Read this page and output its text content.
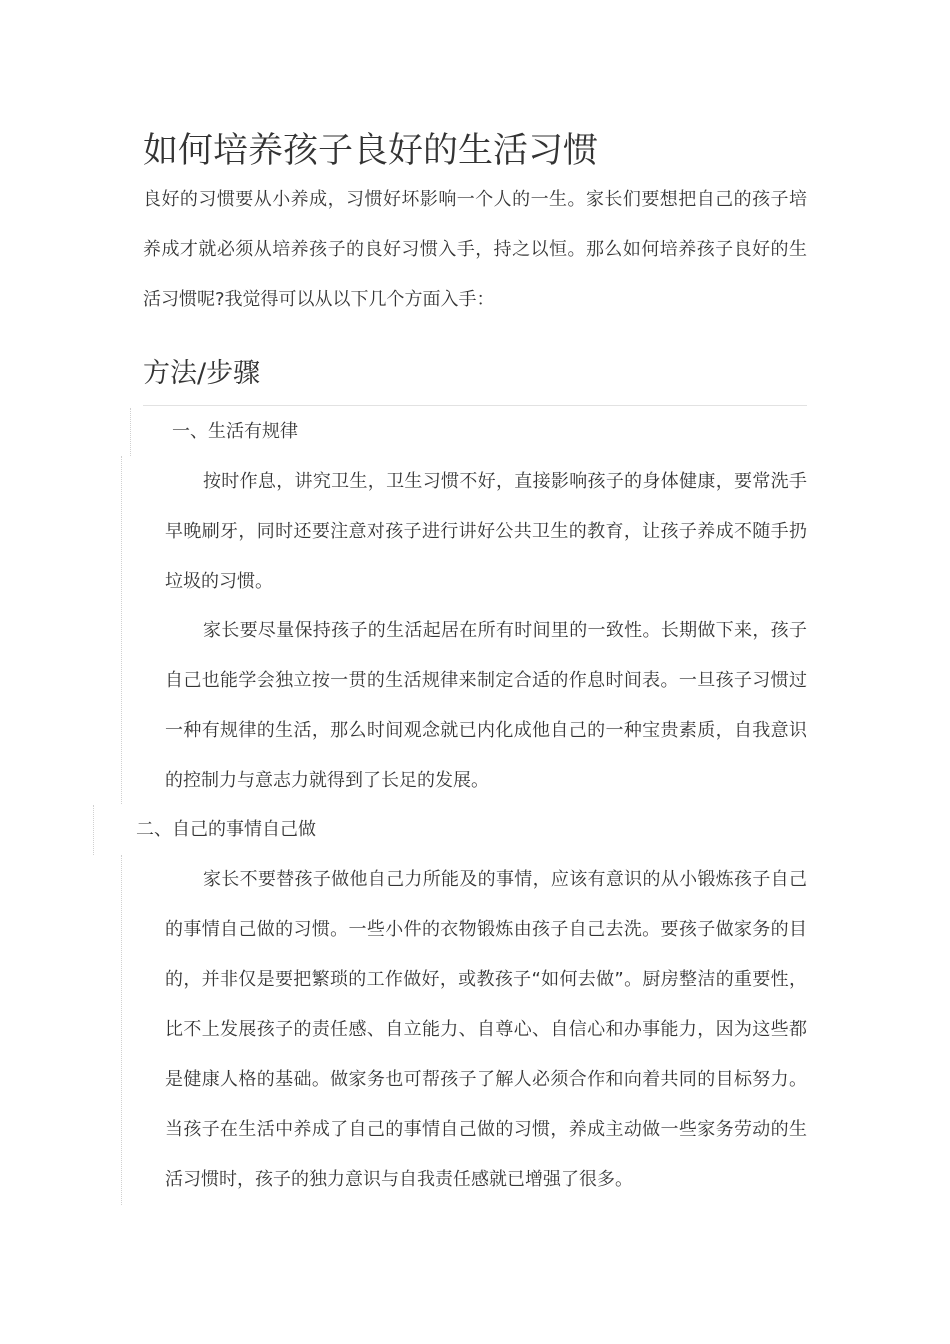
如何培养孩子良好的生活习惯

良好的习惯要从小养成，习惯好坏影响一个人的一生。家长们要想把自己的孩子培养成才就必须从培养孩子的良好习惯入手，持之以恒。那么如何培养孩子良好的生活习惯呢?我觉得可以从以下几个方面入手：

方法/步骤

一、生活有规律

按时作息，讲究卫生，卫生习惯不好，直接影响孩子的身体健康，要常洗手早晚刷牙，同时还要注意对孩子进行讲好公共卫生的教育，让孩子养成不随手扔垃圾的习惯。

家长要尽量保持孩子的生活起居在所有时间里的一致性。长期做下来，孩子自己也能学会独立按一贯的生活规律来制定合适的作息时间表。一旦孩子习惯过一种有规律的生活，那么时间观念就已内化成他自己的一种宝贵素质，自我意识的控制力与意志力就得到了长足的发展。

二、自己的事情自己做

家长不要替孩子做他自己力所能及的事情，应该有意识的从小锻炼孩子自己的事情自己做的习惯。一些小件的衣物锻炼由孩子自己去洗。要孩子做家务的目的，并非仅是要把繁琐的工作做好，或教孩子“如何去做”。厨房整洁的重要性，比不上发展孩子的责任感、自立能力、自尊心、自信心和办事能力，因为这些都是健康人格的基础。做家务也可帮孩子了解人必须合作和向着共同的目标努力。当孩子在生活中养成了自己的事情自己做的习惯，养成主动做一些家务劳动的生活习惯时，孩子的独力意识与自我责任感就已增强了很多。
